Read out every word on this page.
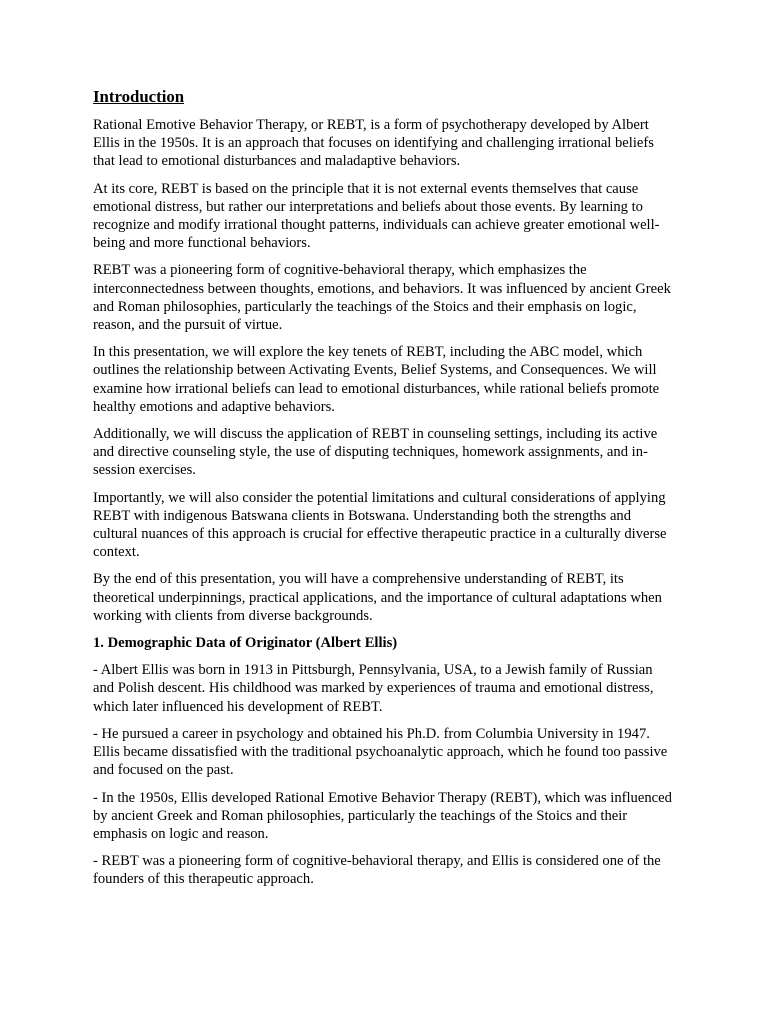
Introduction

Rational Emotive Behavior Therapy, or REBT, is a form of psychotherapy developed by Albert Ellis in the 1950s. It is an approach that focuses on identifying and challenging irrational beliefs that lead to emotional disturbances and maladaptive behaviors.

At its core, REBT is based on the principle that it is not external events themselves that cause emotional distress, but rather our interpretations and beliefs about those events. By learning to recognize and modify irrational thought patterns, individuals can achieve greater emotional well-being and more functional behaviors.

REBT was a pioneering form of cognitive-behavioral therapy, which emphasizes the interconnectedness between thoughts, emotions, and behaviors. It was influenced by ancient Greek and Roman philosophies, particularly the teachings of the Stoics and their emphasis on logic, reason, and the pursuit of virtue.

In this presentation, we will explore the key tenets of REBT, including the ABC model, which outlines the relationship between Activating Events, Belief Systems, and Consequences. We will examine how irrational beliefs can lead to emotional disturbances, while rational beliefs promote healthy emotions and adaptive behaviors.

Additionally, we will discuss the application of REBT in counseling settings, including its active and directive counseling style, the use of disputing techniques, homework assignments, and in-session exercises.

Importantly, we will also consider the potential limitations and cultural considerations of applying REBT with indigenous Batswana clients in Botswana. Understanding both the strengths and cultural nuances of this approach is crucial for effective therapeutic practice in a culturally diverse context.

By the end of this presentation, you will have a comprehensive understanding of REBT, its theoretical underpinnings, practical applications, and the importance of cultural adaptations when working with clients from diverse backgrounds.

1. Demographic Data of Originator (Albert Ellis)

- Albert Ellis was born in 1913 in Pittsburgh, Pennsylvania, USA, to a Jewish family of Russian and Polish descent. His childhood was marked by experiences of trauma and emotional distress, which later influenced his development of REBT.

- He pursued a career in psychology and obtained his Ph.D. from Columbia University in 1947. Ellis became dissatisfied with the traditional psychoanalytic approach, which he found too passive and focused on the past.

- In the 1950s, Ellis developed Rational Emotive Behavior Therapy (REBT), which was influenced by ancient Greek and Roman philosophies, particularly the teachings of the Stoics and their emphasis on logic and reason.

- REBT was a pioneering form of cognitive-behavioral therapy, and Ellis is considered one of the founders of this therapeutic approach.
